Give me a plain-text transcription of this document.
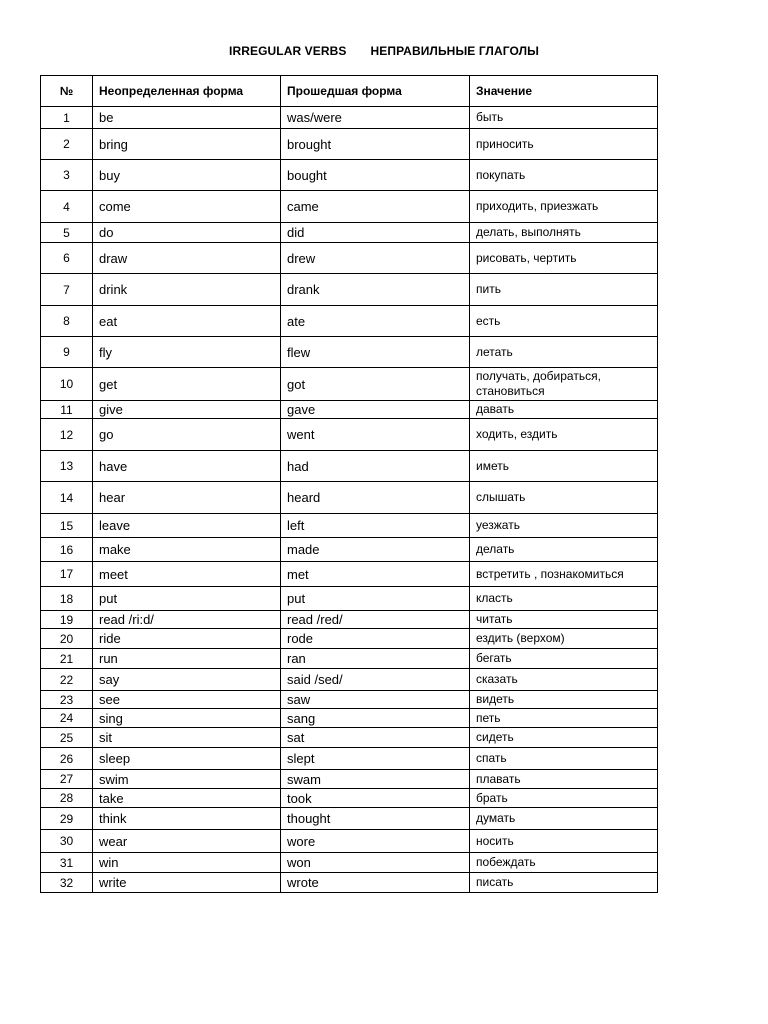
IRREGULAR VERBS НЕПРАВИЛЬНЫЕ ГЛАГОЛЫ
№	Неопределенная форма	Прошедшая форма	Значение
1	be	was/were	быть
2	bring	brought	приносить
3	buy	bought	покупать
4	come	came	приходить, приезжать
5	do	did	делать, выполнять
6	draw	drew	рисовать, чертить
7	drink	drank	пить
8	eat	ate	есть
9	fly	flew	летать
10	get	got	получать, добираться, становиться
11	give	gave	давать
12	go	went	ходить, ездить
13	have	had	иметь
14	hear	heard	слышать
15	leave	left	уезжать
16	make	made	делать
17	meet	met	встретить , познакомиться
18	put	put	класть
19	read /ri:d/	read /red/	читать
20	ride	rode	ездить (верхом)
21	run	ran	бегать
22	say	said /sed/	сказать
23	see	saw	видеть
24	sing	sang	петь
25	sit	sat	сидеть
26	sleep	slept	спать
27	swim	swam	плавать
28	take	took	брать
29	think	thought	думать
30	wear	wore	носить
31	win	won	побеждать
32	write	wrote	писать
